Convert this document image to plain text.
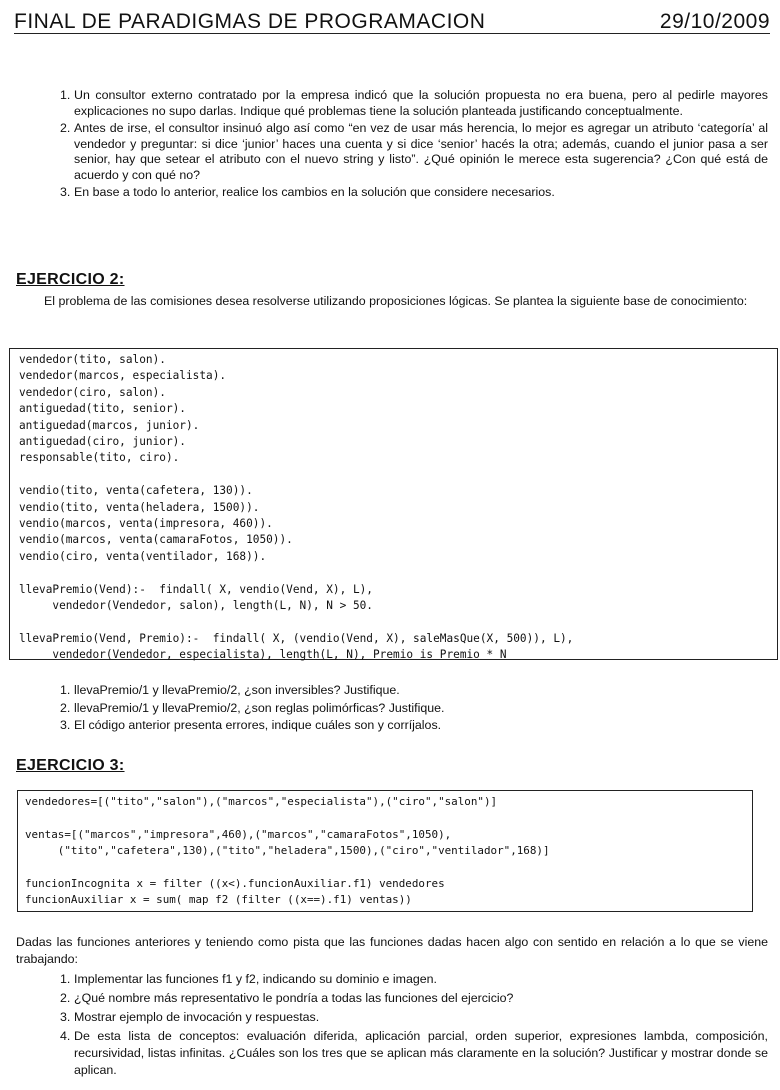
FINAL DE PARADIGMAS DE PROGRAMACION	29/10/2009
1. Un consultor externo contratado por la empresa indicó que la solución propuesta no era buena, pero al pedirle mayores explicaciones no supo darlas. Indique qué problemas tiene la solución planteada justificando conceptualmente.
2. Antes de irse, el consultor insinuó algo así como “en vez de usar más herencia, lo mejor es agregar un atributo ‘categoría’ al vendedor y preguntar: si dice ‘junior’ haces una cuenta y si dice ‘senior’ hacés la otra; además, cuando el junior pasa a ser senior, hay que setear el atributo con el nuevo string y listo”. ¿Qué opinión le merece esta sugerencia? ¿Con qué está de acuerdo y con qué no?
3. En base a todo lo anterior, realice los cambios en la solución que considere necesarios.
EJERCICIO 2:
El problema de las comisiones desea resolverse utilizando proposiciones lógicas. Se plantea la siguiente base de conocimiento:
vendedor(tito, salon).
vendedor(marcos, especialista).
vendedor(ciro, salon).
antiguedad(tito, senior).
antiguedad(marcos, junior).
antiguedad(ciro, junior).
responsable(tito, ciro).

vendio(tito, venta(cafetera, 130)).
vendio(tito, venta(heladera, 1500)).
vendio(marcos, venta(impresora, 460)).
vendio(marcos, venta(camaraFotos, 1050)).
vendio(ciro, venta(ventilador, 168)).

llevaPremio(Vend):-  findall( X, vendio(Vend, X), L),
vendedor(Vendedor, salon), length(L, N), N > 50.

llevaPremio(Vend, Premio):-  findall( X, (vendio(Vend, X), saleMasQue(X, 500)), L),
vendedor(Vendedor, especialista), length(L, N), Premio is Premio * N
1. llevaPremio/1 y llevaPremio/2, ¿son inversibles? Justifique.
2. llevaPremio/1 y llevaPremio/2, ¿son reglas polimórficas? Justifique.
3. El código anterior presenta errores, indique cuáles son y corríjalos.
EJERCICIO 3:
vendedores=[("tito","salon"),("marcos","especialista"),("ciro","salon")]

ventas=[("marcos","impresora",460),("marcos","camaraFotos",1050),
("tito","cafetera",130),("tito","heladera",1500),("ciro","ventilador",168)]

funcionIncognita x = filter ((x<).funcionAuxiliar.f1) vendedores
funcionAuxiliar x = sum( map f2 (filter ((x==).f1) ventas))
Dadas las funciones anteriores y teniendo como pista que las funciones dadas hacen algo con sentido en relación a lo que se viene trabajando:
1. Implementar las funciones f1 y f2, indicando su dominio e imagen.
2. ¿Qué nombre más representativo le pondría a todas las funciones del ejercicio?
3. Mostrar ejemplo de invocación y respuestas.
4. De esta lista de conceptos: evaluación diferida, aplicación parcial, orden superior, expresiones lambda, composición, recursividad, listas infinitas. ¿Cuáles son los tres que se aplican más claramente en la solución? Justificar y mostrar donde se aplican.
